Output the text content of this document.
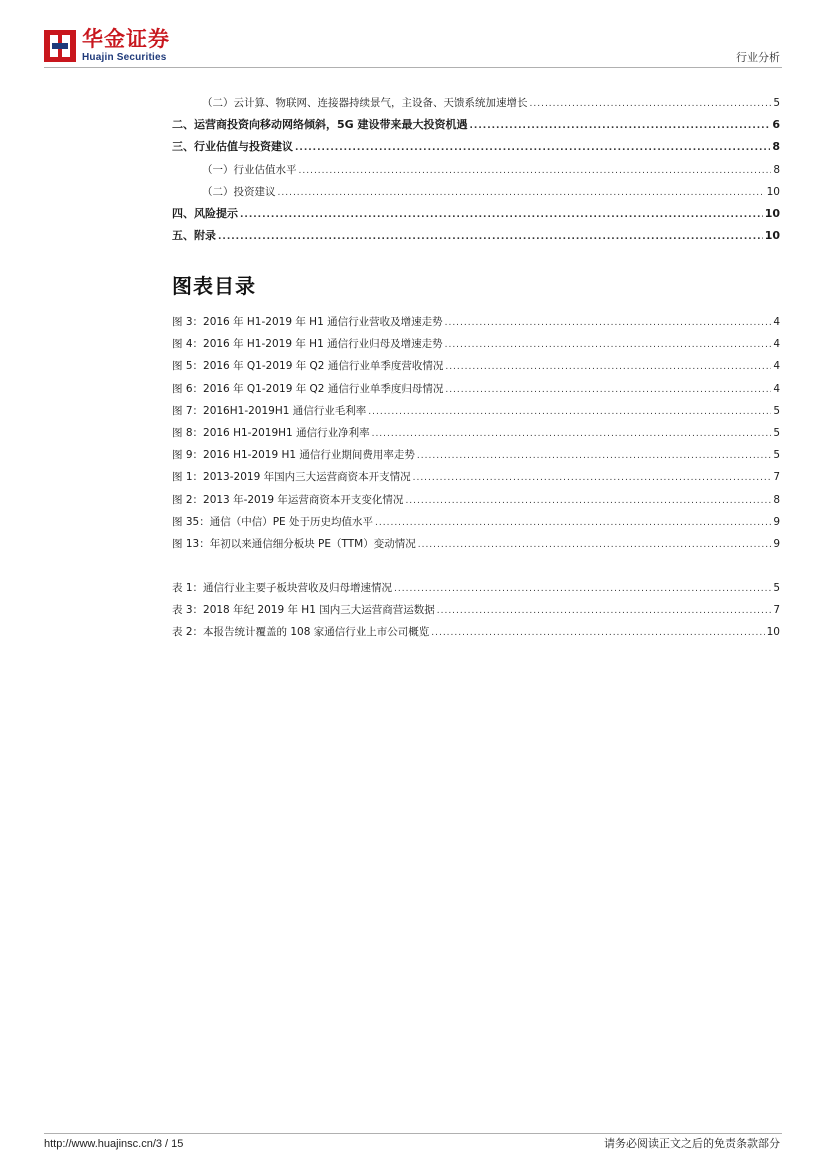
华金证券
Huajin Securities	行业分析
（二）云计算、物联网、连接器持续景气，主设备、天馈系统加速增长 .....	5
二、运营商投资向移动网络倾斜，5G 建设带来最大投资机遇 .....	6
三、行业估值与投资建议 .....	8
（一）行业估值水平 .....	8
（二）投资建议 .....	10
四、风险提示 .....	10
五、附录 .....	10
图表目录
图 3：2016 年 H1-2019 年 H1 通信行业营收及增速走势 .....	4
图 4：2016 年 H1-2019 年 H1 通信行业归母及增速走势 .....	4
图 5：2016 年 Q1-2019 年 Q2 通信行业单季度营收情况 .....	4
图 6：2016 年 Q1-2019 年 Q2 通信行业单季度归母情况 .....	4
图 7：2016H1-2019H1 通信行业毛利率 .....	5
图 8：2016 H1-2019H1 通信行业净利率 .....	5
图 9：2016 H1-2019 H1 通信行业期间费用率走势 .....	5
图 1：2013-2019 年国内三大运营商资本开支情况 .....	7
图 2：2013 年-2019 年运营商资本开支变化情况 .....	8
图 35：通信（中信）PE 处于历史均值水平 .....	9
图 13：年初以来通信细分板块 PE（TTM）变动情况 .....	9
表 1：通信行业主要子板块营收及归母增速情况 .....	5
表 3：2018 年纪 2019 年 H1 国内三大运营商营运数据 .....	7
表 2：本报告统计覆盖的 108 家通信行业上市公司概览 .....	10
http://www.huajinsc.cn/3 / 15	请务必阅读正文之后的免责条款部分
